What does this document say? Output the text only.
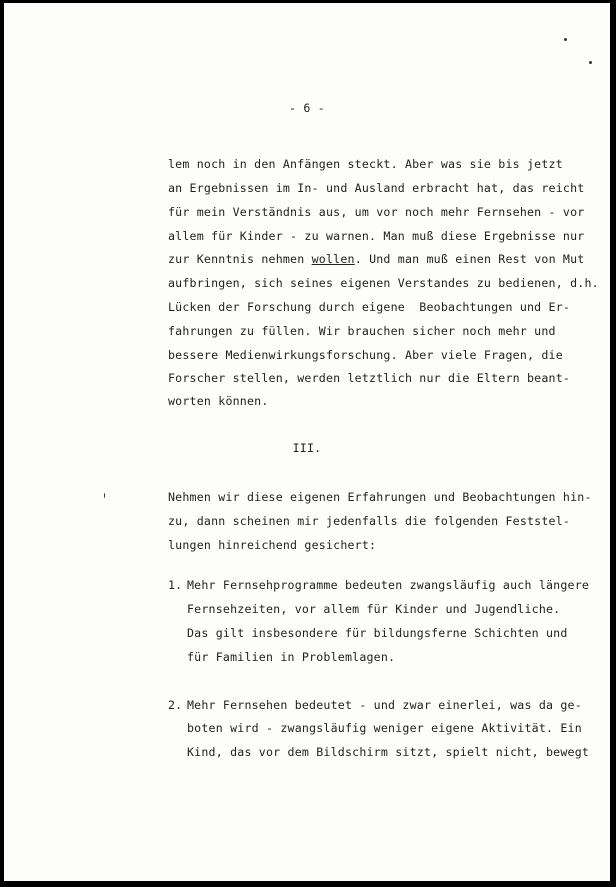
- 6 -
lem noch in den Anfängen steckt. Aber was sie bis jetzt
an Ergebnissen im In- und Ausland erbracht hat, das reicht
für mein Verständnis aus, um vor noch mehr Fernsehen - vor
allem für Kinder - zu warnen. Man muß diese Ergebnisse nur
zur Kenntnis nehmen wollen. Und man muß einen Rest von Mut
aufbringen, sich seines eigenen Verstandes zu bedienen, d.h.
Lücken der Forschung durch eigene  Beobachtungen und Er-
fahrungen zu füllen. Wir brauchen sicher noch mehr und
bessere Medienwirkungsforschung. Aber viele Fragen, die
Forscher stellen, werden letztlich nur die Eltern beant-
worten können.
III.
Nehmen wir diese eigenen Erfahrungen und Beobachtungen hin-
zu, dann scheinen mir jedenfalls die folgenden Feststel-
lungen hinreichend gesichert:
1. Mehr Fernsehprogramme bedeuten zwangsläufig auch längere
Fernsehzeiten, vor allem für Kinder und Jugendliche.
Das gilt insbesondere für bildungsferne Schichten und
für Familien in Problemlagen.
2. Mehr Fernsehen bedeutet - und zwar einerlei, was da ge-
boten wird - zwangsläufig weniger eigene Aktivität. Ein
Kind, das vor dem Bildschirm sitzt, spielt nicht, bewegt
